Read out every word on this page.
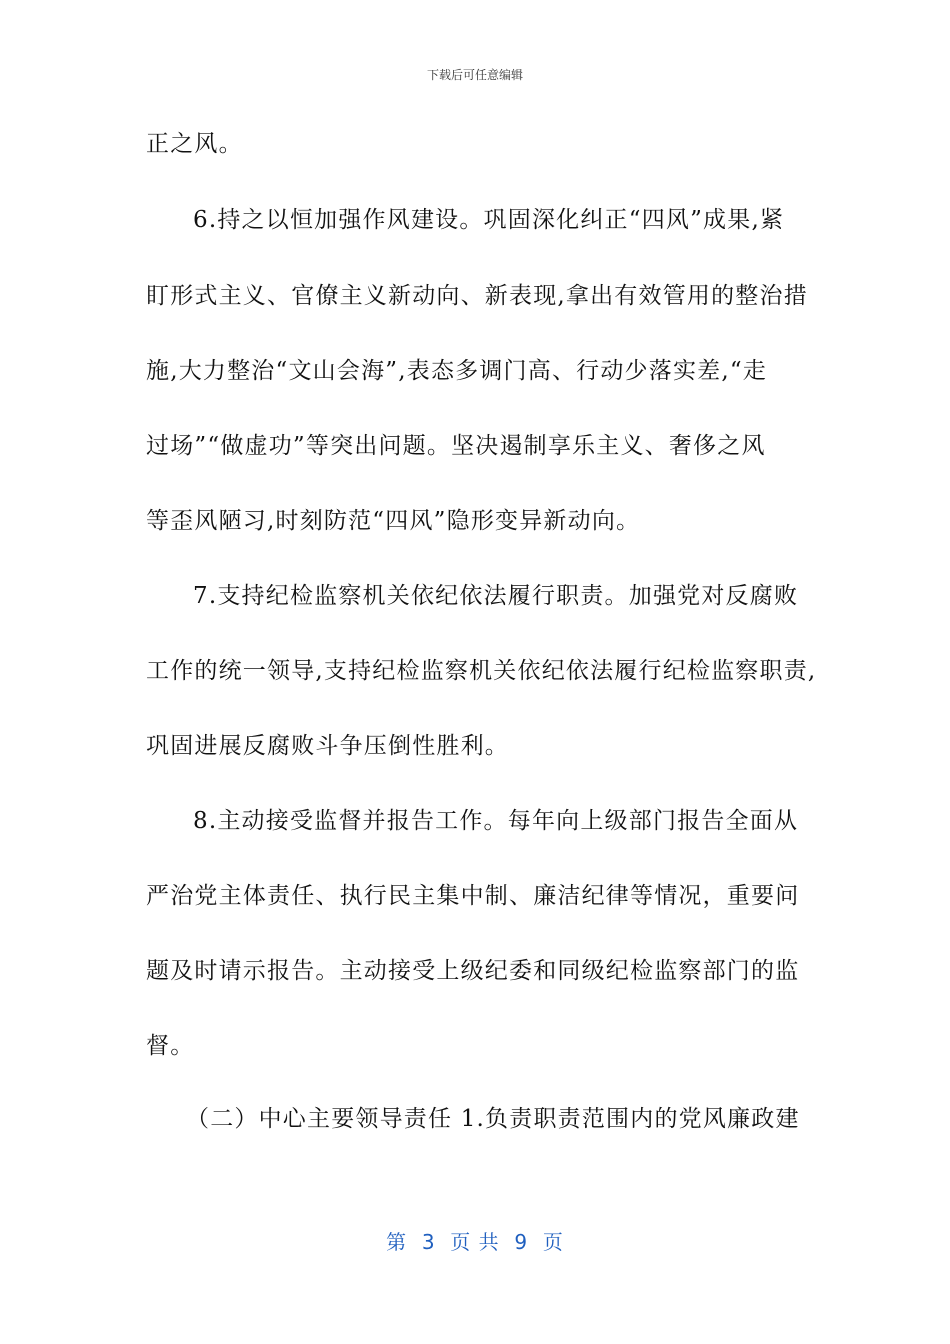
下载后可任意编辑
正之风。
6.持之以恒加强作风建设。巩固深化纠正“四风”成果,紧
盯形式主义、官僚主义新动向、新表现,拿出有效管用的整治措
施,大力整治“文山会海”,表态多调门高、行动少落实差,“走
过场”“做虚功”等突出问题。坚决遏制享乐主义、奢侈之风
等歪风陋习,时刻防范“四风”隐形变异新动向。
7.支持纪检监察机关依纪依法履行职责。加强党对反腐败
工作的统一领导,支持纪检监察机关依纪依法履行纪检监察职责,
巩固进展反腐败斗争压倒性胜利。
8.主动接受监督并报告工作。每年向上级部门报告全面从
严治党主体责任、执行民主集中制、廉洁纪律等情况，重要问
题及时请示报告。主动接受上级纪委和同级纪检监察部门的监
督。
（二）中心主要领导责任 1.负责职责范围内的党风廉政建
第  3  页 共  9  页
